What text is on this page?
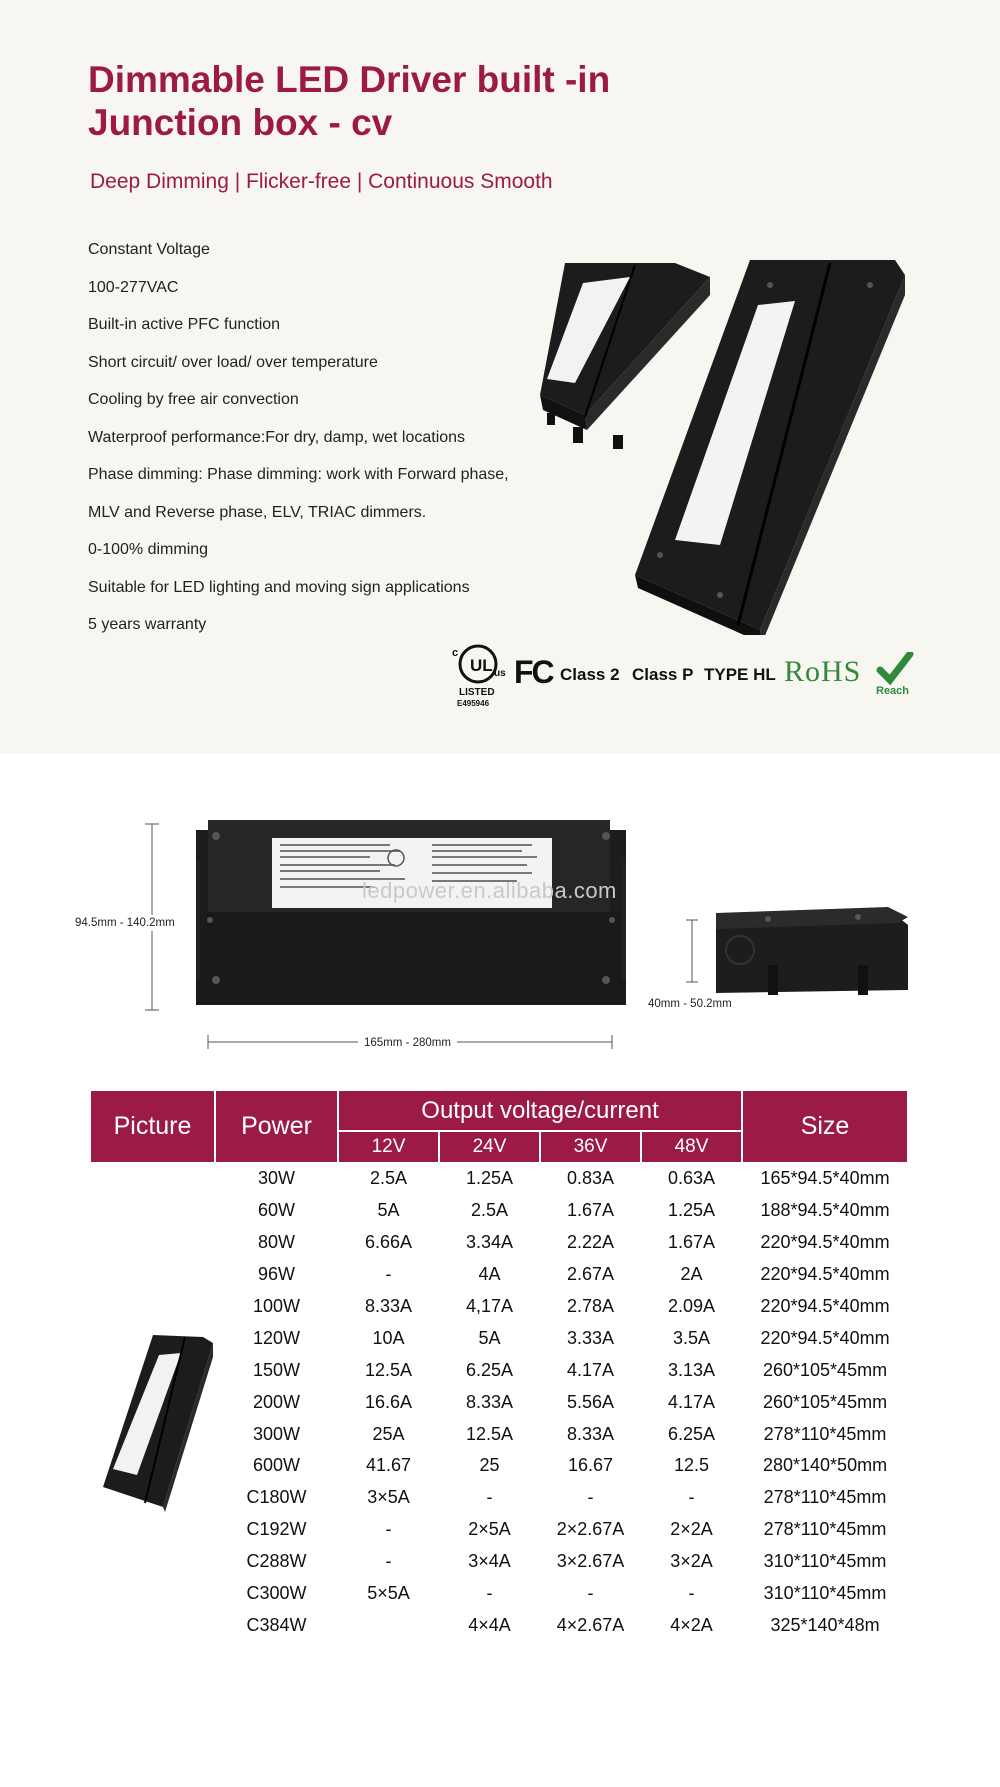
Dimmable LED Driver built -in Junction box - cv
Deep Dimming | Flicker-free | Continuous Smooth
Constant Voltage
100-277VAC
Built-in active PFC function
Short circuit/ over load/ over temperature
Cooling by free air convection
Waterproof performance:For dry, damp, wet locations
Phase dimming: Phase dimming: work with Forward phase,
MLV and Reverse phase, ELV, TRIAC dimmers.
0-100% dimming
Suitable for LED lighting and moving sign applications
5 years warranty
UL
c
us
LISTED
E495946
FC Class 2 Class P TYPE HL RoHS
Reach
94.5mm - 140.2mm
165mm - 280mm
40mm - 50.2mm
ledpower.en.alibaba.com
Picture	Power	Output voltage/current				Size
		12V	24V	36V	48V	
	30W	2.5A	1.25A	0.83A	0.63A	165*94.5*40mm
	60W	5A	2.5A	1.67A	1.25A	188*94.5*40mm
	80W	6.66A	3.34A	2.22A	1.67A	220*94.5*40mm
	96W	-	4A	2.67A	2A	220*94.5*40mm
	100W	8.33A	4,17A	2.78A	2.09A	220*94.5*40mm
	120W	10A	5A	3.33A	3.5A	220*94.5*40mm
	150W	12.5A	6.25A	4.17A	3.13A	260*105*45mm
	200W	16.6A	8.33A	5.56A	4.17A	260*105*45mm
	300W	25A	12.5A	8.33A	6.25A	278*110*45mm
	600W	41.67	25	16.67	12.5	280*140*50mm
	C180W	3×5A	-	-	-	278*110*45mm
	C192W	-	2×5A	2×2.67A	2×2A	278*110*45mm
	C288W	-	3×4A	3×2.67A	3×2A	310*110*45mm
	C300W	5×5A	-	-	-	310*110*45mm
	C384W		4×4A	4×2.67A	4×2A	325*140*48m
